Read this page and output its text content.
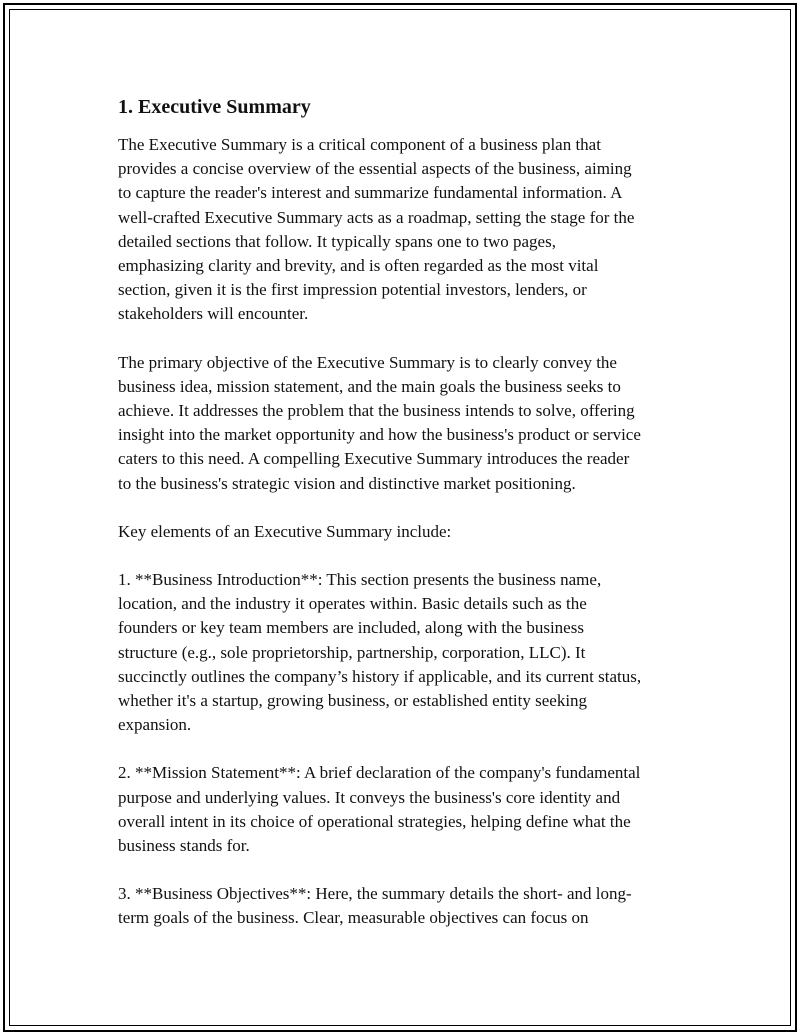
1. Executive Summary

The Executive Summary is a critical component of a business plan that
provides a concise overview of the essential aspects of the business, aiming
to capture the reader's interest and summarize fundamental information. A
well-crafted Executive Summary acts as a roadmap, setting the stage for the
detailed sections that follow. It typically spans one to two pages,
emphasizing clarity and brevity, and is often regarded as the most vital
section, given it is the first impression potential investors, lenders, or
stakeholders will encounter.

The primary objective of the Executive Summary is to clearly convey the
business idea, mission statement, and the main goals the business seeks to
achieve. It addresses the problem that the business intends to solve, offering
insight into the market opportunity and how the business's product or service
caters to this need. A compelling Executive Summary introduces the reader
to the business's strategic vision and distinctive market positioning.

Key elements of an Executive Summary include:

1. **Business Introduction**: This section presents the business name,
location, and the industry it operates within. Basic details such as the
founders or key team members are included, along with the business
structure (e.g., sole proprietorship, partnership, corporation, LLC). It
succinctly outlines the company’s history if applicable, and its current status,
whether it's a startup, growing business, or established entity seeking
expansion.

2. **Mission Statement**: A brief declaration of the company's fundamental
purpose and underlying values. It conveys the business's core identity and
overall intent in its choice of operational strategies, helping define what the
business stands for.

3. **Business Objectives**: Here, the summary details the short- and long-
term goals of the business. Clear, measurable objectives can focus on
